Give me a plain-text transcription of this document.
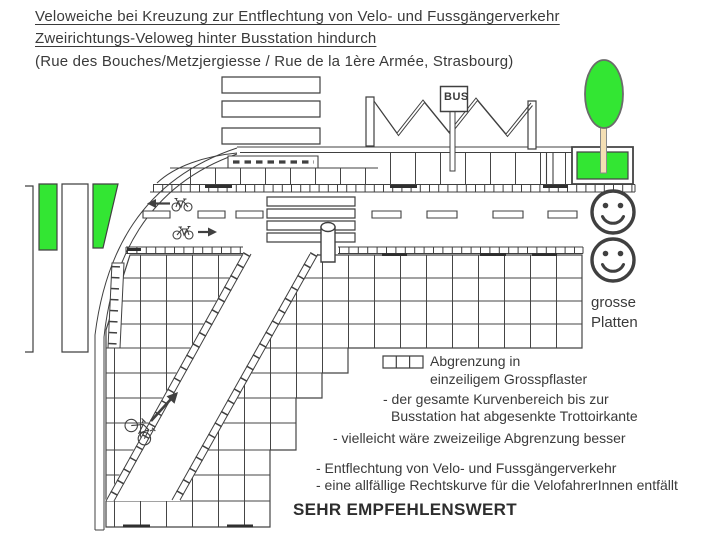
Veloweiche bei Kreuzung zur Entflechtung von Velo- und Fussgängerverkehr
Zweirichtungs-Veloweg hinter Busstation hindurch
(Rue des Bouches/Metzjergiesse / Rue de la 1ère Armée, Strasbourg)
BUS
grosse
Platten
Abgrenzung in
einzeiligem Grosspflaster
- der gesamte Kurvenbereich bis zur
Busstation hat abgesenkte Trottoirkante
- vielleicht wäre zweizeilige Abgrenzung besser
- Entflechtung von Velo- und Fussgängerverkehr
- eine allfällige Rechtskurve für die VelofahrerInnen entfällt
SEHR EMPFEHLENSWERT
